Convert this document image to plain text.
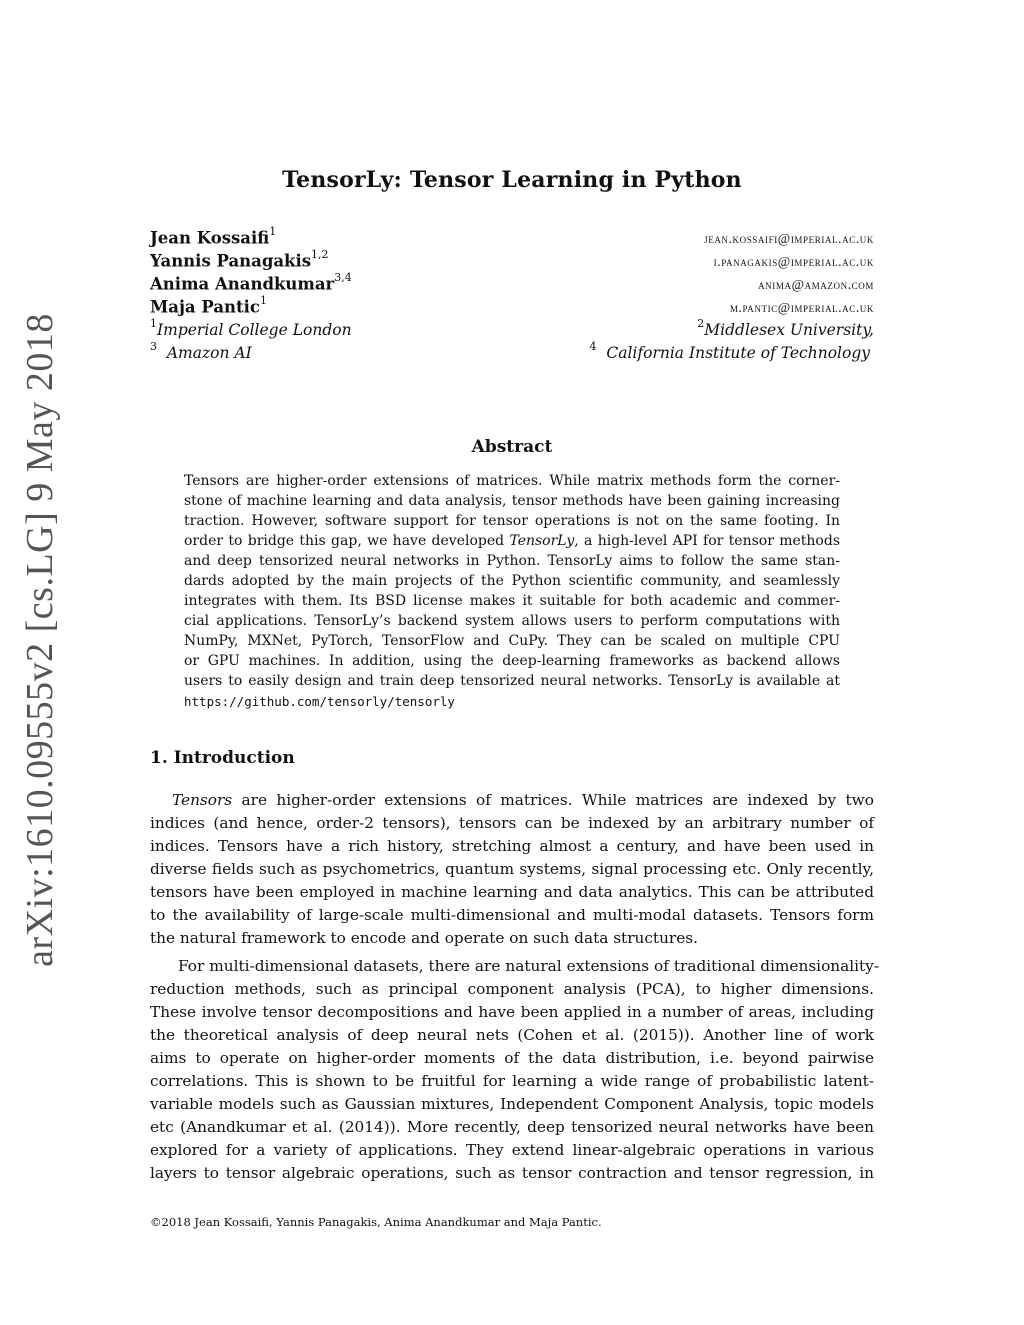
arXiv:1610.09555v2 [cs.LG] 9 May 2018
TensorLy: Tensor Learning in Python
Jean Kossaifi$^1$	jean.kossaifi@imperial.ac.uk
Yannis Panagakis$^{1,2}$	i.panagakis@imperial.ac.uk
Anima Anandkumar$^{3,4}$	anima@amazon.com
Maja Pantic$^1$	m.pantic@imperial.ac.uk
$^1$Imperial College London	$^2$Middlesex University,
$^3$ Amazon AI	$^4$ California Institute of Technology
Abstract
Tensors are higher-order extensions of matrices. While matrix methods form the corner-
stone of machine learning and data analysis, tensor methods have been gaining increasing
traction. However, software support for tensor operations is not on the same footing. In
order to bridge this gap, we have developed TensorLy, a high-level API for tensor methods
and deep tensorized neural networks in Python. TensorLy aims to follow the same stan-
dards adopted by the main projects of the Python scientific community, and seamlessly
integrates with them. Its BSD license makes it suitable for both academic and commer-
cial applications. TensorLy’s backend system allows users to perform computations with
NumPy, MXNet, PyTorch, TensorFlow and CuPy. They can be scaled on multiple CPU
or GPU machines. In addition, using the deep-learning frameworks as backend allows
users to easily design and train deep tensorized neural networks. TensorLy is available at
https://github.com/tensorly/tensorly
1. Introduction
Tensors are higher-order extensions of matrices. While matrices are indexed by two
indices (and hence, order-2 tensors), tensors can be indexed by an arbitrary number of
indices. Tensors have a rich history, stretching almost a century, and have been used in
diverse fields such as psychometrics, quantum systems, signal processing etc. Only recently,
tensors have been employed in machine learning and data analytics. This can be attributed
to the availability of large-scale multi-dimensional and multi-modal datasets. Tensors form
the natural framework to encode and operate on such data structures.
For multi-dimensional datasets, there are natural extensions of traditional dimensionality-
reduction methods, such as principal component analysis (PCA), to higher dimensions.
These involve tensor decompositions and have been applied in a number of areas, including
the theoretical analysis of deep neural nets (Cohen et al. (2015)). Another line of work
aims to operate on higher-order moments of the data distribution, i.e. beyond pairwise
correlations. This is shown to be fruitful for learning a wide range of probabilistic latent-
variable models such as Gaussian mixtures, Independent Component Analysis, topic models
etc (Anandkumar et al. (2014)). More recently, deep tensorized neural networks have been
explored for a variety of applications. They extend linear-algebraic operations in various
layers to tensor algebraic operations, such as tensor contraction and tensor regression, in
©2018 Jean Kossaifi, Yannis Panagakis, Anima Anandkumar and Maja Pantic.
